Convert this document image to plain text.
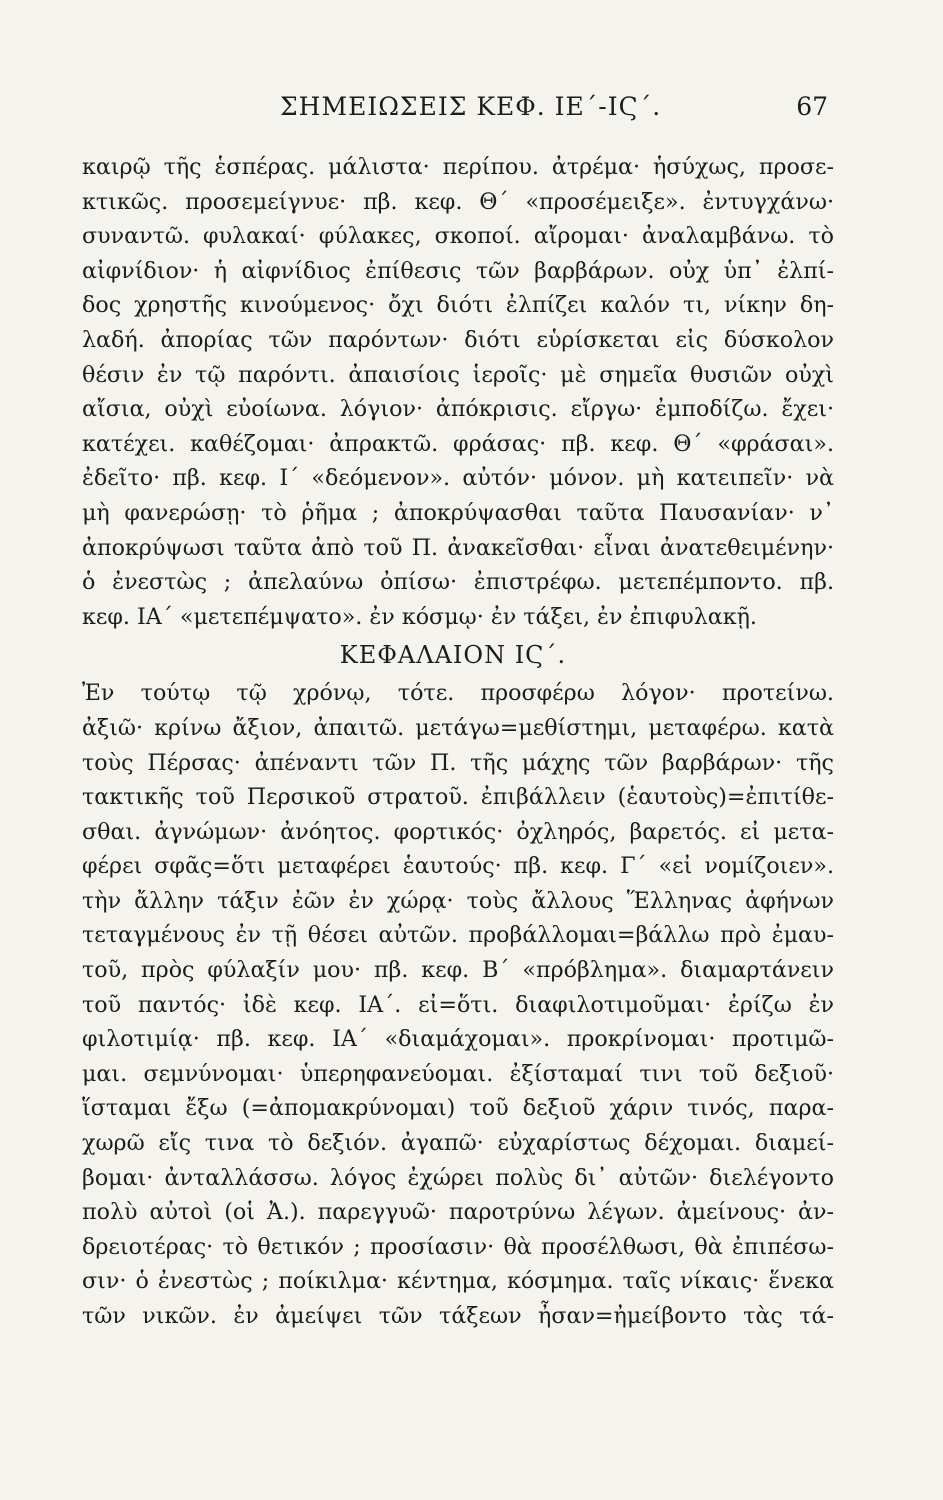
ΣΗΜΕΙΩΣΕΙΣ ΚΕΦ. ΙΕ΄-ΙϚ΄.	67
καιρῷ τῆς ἑσπέρας. μάλιστα· περίπου. ἀτρέμα· ἡσύχως, προσε-
κτικῶς. προσεμείγνυε· πβ. κεφ. Θ΄ «προσέμειξε». ἐντυγχάνω·
συναντῶ. φυλακαί· φύλακες, σκοποί. αἴρομαι· ἀναλαμβάνω. τὸ
αἰφνίδιον· ἡ αἰφνίδιος ἐπίθεσις τῶν βαρβάρων. οὐχ ὑπ᾽ ἐλπί-
δος χρηστῆς κινούμενος· ὄχι διότι ἐλπίζει καλόν τι, νίκην δη-
λαδή. ἀπορίας τῶν παρόντων· διότι εὑρίσκεται εἰς δύσκολον
θέσιν ἐν τῷ παρόντι. ἀπαισίοις ἱεροῖς· μὲ σημεῖα θυσιῶν οὐχὶ
αἴσια, οὐχὶ εὐοίωνα. λόγιον· ἀπόκρισις. εἴργω· ἐμποδίζω. ἔχει·
κατέχει. καθέζομαι· ἀπρακτῶ. φράσας· πβ. κεφ. Θ΄ «φράσαι».
ἐδεῖτο· πβ. κεφ. Ι΄ «δεόμενον». αὐτόν· μόνον. μὴ κατειπεῖν· νὰ
μὴ φανερώσῃ· τὸ ῥῆμα ; ἀποκρύψασθαι ταῦτα Παυσανίαν· ν᾽
ἀποκρύψωσι ταῦτα ἀπὸ τοῦ Π. ἀνακεῖσθαι· εἶναι ἀνατεθειμένην·
ὁ ἐνεστὼς ; ἀπελαύνω ὀπίσω· ἐπιστρέφω. μετεπέμποντο. πβ.
κεφ. ΙΑ΄ «μετεπέμψατο». ἐν κόσμῳ· ἐν τάξει, ἐν ἐπιφυλακῇ.
ΚΕΦΑΛΑΙΟΝ ΙϚ΄.
Ἐν τούτῳ τῷ χρόνῳ, τότε. προσφέρω λόγον· προτείνω.
ἀξιῶ· κρίνω ἄξιον, ἀπαιτῶ. μετάγω=μεθίστημι, μεταφέρω. κατὰ
τοὺς Πέρσας· ἀπέναντι τῶν Π. τῆς μάχης τῶν βαρβάρων· τῆς
τακτικῆς τοῦ Περσικοῦ στρατοῦ. ἐπιβάλλειν (ἑαυτοὺς)=ἐπιτίθε-
σθαι. ἀγνώμων· ἀνόητος. φορτικός· ὀχληρός, βαρετός. εἰ μετα-
φέρει σφᾶς=ὅτι μεταφέρει ἑαυτούς· πβ. κεφ. Γ΄ «εἰ νομίζοιεν».
τὴν ἄλλην τάξιν ἐῶν ἐν χώρᾳ· τοὺς ἄλλους Ἕλληνας ἀφήνων
τεταγμένους ἐν τῇ θέσει αὐτῶν. προβάλλομαι=βάλλω πρὸ ἐμαυ-
τοῦ, πρὸς φύλαξίν μου· πβ. κεφ. Β΄ «πρόβλημα». διαμαρτάνειν
τοῦ παντός· ἰδὲ κεφ. ΙΑ΄. εἰ=ὅτι. διαφιλοτιμοῦμαι· ἐρίζω ἐν
φιλοτιμίᾳ· πβ. κεφ. ΙΑ΄ «διαμάχομαι». προκρίνομαι· προτιμῶ-
μαι. σεμνύνομαι· ὑπερηφανεύομαι. ἐξίσταμαί τινι τοῦ δεξιοῦ·
ἵσταμαι ἔξω (=ἀπομακρύνομαι) τοῦ δεξιοῦ χάριν τινός, παρα-
χωρῶ εἴς τινα τὸ δεξιόν. ἀγαπῶ· εὐχαρίστως δέχομαι. διαμεί-
βομαι· ἀνταλλάσσω. λόγος ἐχώρει πολὺς δι᾽ αὐτῶν· διελέγοντο
πολὺ αὐτοὶ (οἱ Ἀ.). παρεγγυῶ· παροτρύνω λέγων. ἀμείνους· ἀν-
δρειοτέρας· τὸ θετικόν ; προσίασιν· θὰ προσέλθωσι, θὰ ἐπιπέσω-
σιν· ὁ ἐνεστὼς ; ποίκιλμα· κέντημα, κόσμημα. ταῖς νίκαις· ἕνεκα
τῶν νικῶν. ἐν ἀμείψει τῶν τάξεων ἦσαν=ἠμείβοντο τὰς τά-
